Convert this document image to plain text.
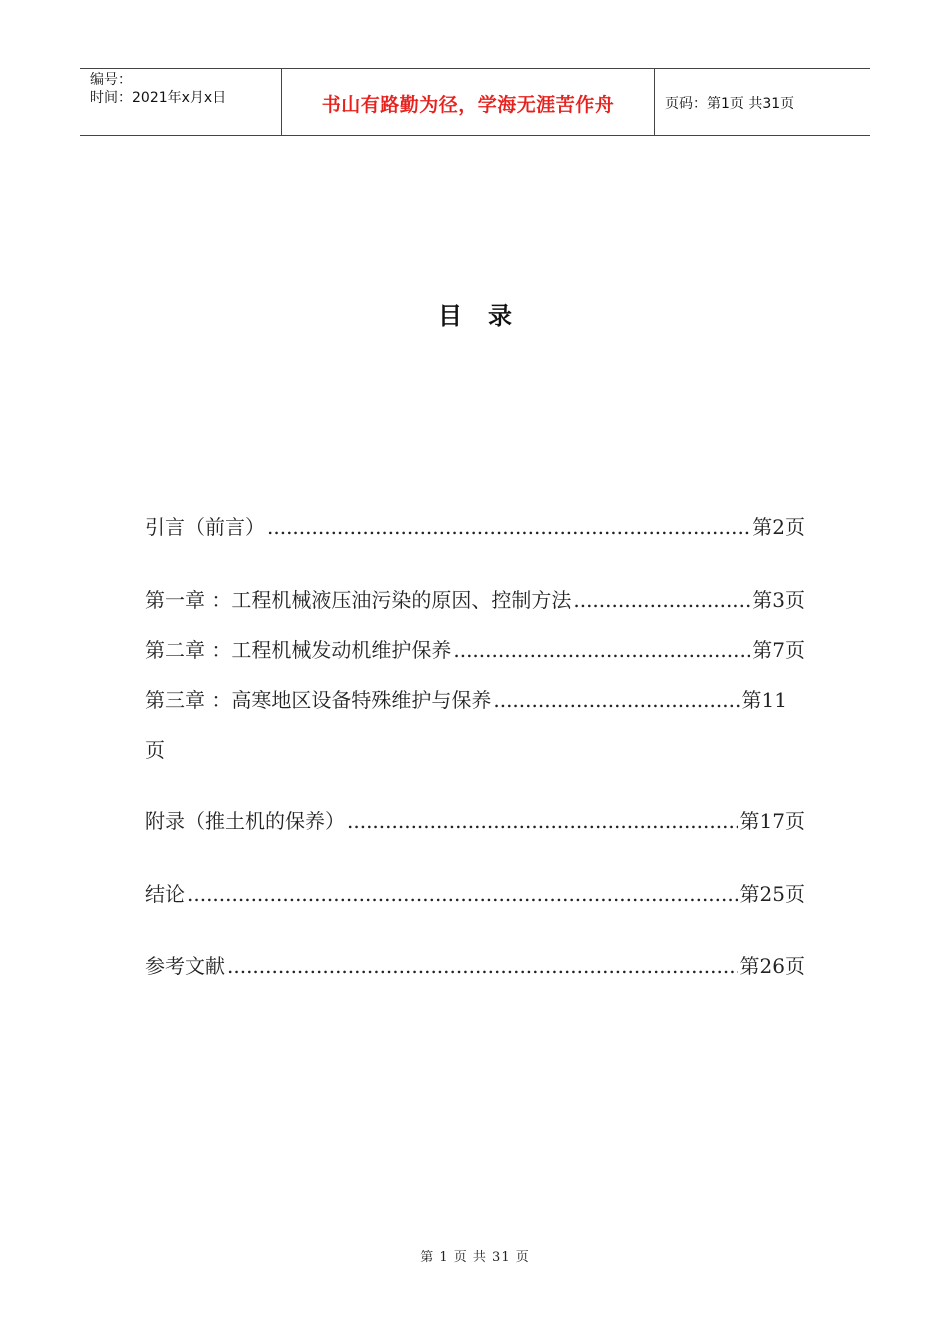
编号：
时间：2021年x月x日	书山有路勤为径，学海无涯苦作舟	页码：第1页 共31页
目录
引言（前言） .....	第2页
第一章 ：工程机械液压油污染的原因、控制方法 .....	第3页
第二章 ：工程机械发动机维护保养 .....	第7页
第三章 ：高寒地区设备特殊维护与保养 .....	第11
页
附录（推土机的保养） .....	第17页
结论 .....	第25页
参考文献 .....	第26页
第 1 页 共 31 页
